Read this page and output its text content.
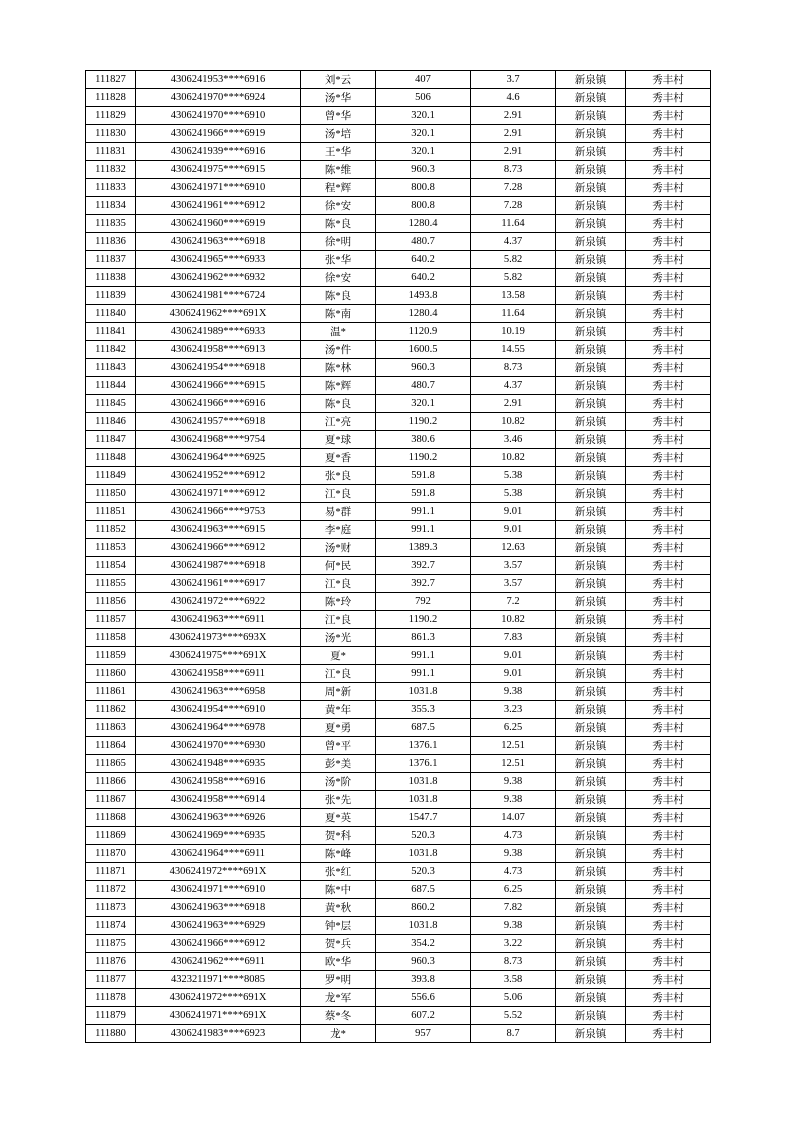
111827	4306241953****6916	刘*云	407	3.7	新泉镇	秀丰村
111828	4306241970****6924	汤*华	506	4.6	新泉镇	秀丰村
111829	4306241970****6910	曾*华	320.1	2.91	新泉镇	秀丰村
111830	4306241966****6919	汤*培	320.1	2.91	新泉镇	秀丰村
111831	4306241939****6916	王*华	320.1	2.91	新泉镇	秀丰村
111832	4306241975****6915	陈*维	960.3	8.73	新泉镇	秀丰村
111833	4306241971****6910	程*辉	800.8	7.28	新泉镇	秀丰村
111834	4306241961****6912	徐*安	800.8	7.28	新泉镇	秀丰村
111835	4306241960****6919	陈*良	1280.4	11.64	新泉镇	秀丰村
111836	4306241963****6918	徐*明	480.7	4.37	新泉镇	秀丰村
111837	4306241965****6933	张*华	640.2	5.82	新泉镇	秀丰村
111838	4306241962****6932	徐*安	640.2	5.82	新泉镇	秀丰村
111839	4306241981****6724	陈*良	1493.8	13.58	新泉镇	秀丰村
111840	4306241962****691X	陈*南	1280.4	11.64	新泉镇	秀丰村
111841	4306241989****6933	温*	1120.9	10.19	新泉镇	秀丰村
111842	4306241958****6913	汤*件	1600.5	14.55	新泉镇	秀丰村
111843	4306241954****6918	陈*林	960.3	8.73	新泉镇	秀丰村
111844	4306241966****6915	陈*辉	480.7	4.37	新泉镇	秀丰村
111845	4306241966****6916	陈*良	320.1	2.91	新泉镇	秀丰村
111846	4306241957****6918	江*亮	1190.2	10.82	新泉镇	秀丰村
111847	4306241968****9754	夏*球	380.6	3.46	新泉镇	秀丰村
111848	4306241964****6925	夏*香	1190.2	10.82	新泉镇	秀丰村
111849	4306241952****6912	张*良	591.8	5.38	新泉镇	秀丰村
111850	4306241971****6912	江*良	591.8	5.38	新泉镇	秀丰村
111851	4306241966****9753	易*群	991.1	9.01	新泉镇	秀丰村
111852	4306241963****6915	李*庭	991.1	9.01	新泉镇	秀丰村
111853	4306241966****6912	汤*财	1389.3	12.63	新泉镇	秀丰村
111854	4306241987****6918	何*民	392.7	3.57	新泉镇	秀丰村
111855	4306241961****6917	江*良	392.7	3.57	新泉镇	秀丰村
111856	4306241972****6922	陈*玲	792	7.2	新泉镇	秀丰村
111857	4306241963****6911	江*良	1190.2	10.82	新泉镇	秀丰村
111858	4306241973****693X	汤*光	861.3	7.83	新泉镇	秀丰村
111859	4306241975****691X	夏*	991.1	9.01	新泉镇	秀丰村
111860	4306241958****6911	江*良	991.1	9.01	新泉镇	秀丰村
111861	4306241963****6958	周*新	1031.8	9.38	新泉镇	秀丰村
111862	4306241954****6910	黄*年	355.3	3.23	新泉镇	秀丰村
111863	4306241964****6978	夏*勇	687.5	6.25	新泉镇	秀丰村
111864	4306241970****6930	曾*平	1376.1	12.51	新泉镇	秀丰村
111865	4306241948****6935	彭*美	1376.1	12.51	新泉镇	秀丰村
111866	4306241958****6916	汤*阶	1031.8	9.38	新泉镇	秀丰村
111867	4306241958****6914	张*先	1031.8	9.38	新泉镇	秀丰村
111868	4306241963****6926	夏*英	1547.7	14.07	新泉镇	秀丰村
111869	4306241969****6935	贺*科	520.3	4.73	新泉镇	秀丰村
111870	4306241964****6911	陈*峰	1031.8	9.38	新泉镇	秀丰村
111871	4306241972****691X	张*红	520.3	4.73	新泉镇	秀丰村
111872	4306241971****6910	陈*中	687.5	6.25	新泉镇	秀丰村
111873	4306241963****6918	黄*秋	860.2	7.82	新泉镇	秀丰村
111874	4306241963****6929	钟*层	1031.8	9.38	新泉镇	秀丰村
111875	4306241966****6912	贺*兵	354.2	3.22	新泉镇	秀丰村
111876	4306241962****6911	欧*华	960.3	8.73	新泉镇	秀丰村
111877	4323211971****8085	罗*明	393.8	3.58	新泉镇	秀丰村
111878	4306241972****691X	龙*军	556.6	5.06	新泉镇	秀丰村
111879	4306241971****691X	蔡*冬	607.2	5.52	新泉镇	秀丰村
111880	4306241983****6923	龙*	957	8.7	新泉镇	秀丰村
